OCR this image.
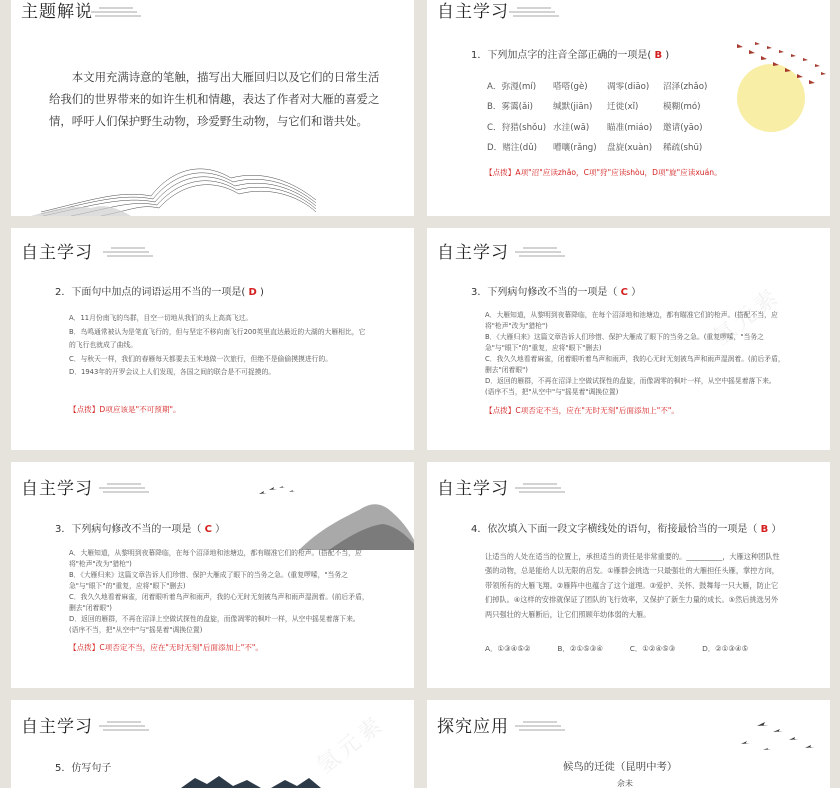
主题解说
本文用充满诗意的笔触，描写出大雁回归以及它们的日常生活给我们的世界带来的如许生机和情趣，表达了作者对大雁的喜爱之情，呼吁人们保护野生动物，珍爱野生动物，与它们和谐共处。
自主学习
1．下列加点字的注音全部正确的一项是( B )
A．弥漫(mí) 嗒嗒(gè) 凋零(diāo) 沼泽(zhǎo)
B．雾霭(ǎi) 缄默(jiān) 迁徙(xǐ)	模糊(mó)
C．狩猎(shǒu) 水洼(wā) 瞄准(miáo) 邀请(yāo)
D．赌注(dǔ) 嘈嚷(rǎng) 盘旋(xuàn) 稀疏(shū)
【点拨】A项"沼"应读zhǎo，C项"狩"应读shòu，D项"旋"应读xuán。
自主学习
2．下面句中加点的词语运用不当的一项是( D )
A．11月份南飞的鸟群，目空一切地从我们的头上高高飞过。
B．鸟鸣通常被认为是笔直飞行的，但与坚定不移向南飞行200英里直达最近的大湖的大雁相比，它的飞行也就成了曲线。
C．与秋天一样，我们的春雁每天都要去玉米地做一次旅行，但绝不是偷偷摸摸进行的。
D．1943年的开罗会议上人们发现，各国之间的联合是不可捉摸的。
【点拨】D项应该是"不可预期"。
自主学习
3．下列病句修改不当的一项是（ C ）
A．大雁知道，从黎明到夜幕降临，在每个沼泽地和池塘边，都有瞄准它们的枪声。(搭配不当，应将"枪声"改为"猎枪")
B．《大雁归来》这篇文章告诉人们珍惜、保护大雁成了眼下的当务之急。(重复啰嗦，"当务之急"与"眼下"的"重复，应将"眼下"删去)
C．我久久地看着麻雀，闭着眼听着鸟声和雨声，我的心无时无刻被鸟声和雨声湿润着。(前后矛盾，删去"闭着眼")
D．返回的雁群，不再在沼泽上空做试探性的盘旋，而像凋零的枫叶一样，从空中摇晃着落下来。(语序不当，把"从空中"与"摇晃着"调换位置)
【点拨】C项否定不当，应在"无时无刻"后面添加上"不"。
氢元素
自主学习
3．下列病句修改不当的一项是（ C ）
A．大雁知道，从黎明到夜幕降临，在每个沼泽地和池塘边，都有瞄准它们的枪声。(搭配不当，应将"枪声"改为"猎枪")
B．《大雁归来》这篇文章告诉人们珍惜、保护大雁成了眼下的当务之急。(重复啰嗦，"当务之急"与"眼下"的"重复，应将"眼下"删去)
C．我久久地看着麻雀，闭着眼听着鸟声和雨声，我的心无时无刻被鸟声和雨声湿润着。(前后矛盾，删去"闭着眼")
D．返回的雁群，不再在沼泽上空做试探性的盘旋，而像凋零的枫叶一样，从空中摇晃着落下来。(语序不当，把"从空中"与"摇晃着"调换位置)
【点拨】C项否定不当，应在"无时无刻"后面添加上"不"。
自主学习
4．依次填入下面一段文字横线处的语句，衔接最恰当的一项是（ B ）
让适当的人处在适当的位置上，承担适当的责任是非常重要的。__________，大雁这种团队性强的动物，总是能给人以无限的启发。①雁群会挑选一只最强壮的大雁担任头雁，掌控方向，带领所有的大雁飞翔。②雁阵中也蕴含了这个道理。③爱护、关怀、鼓舞每一只大雁，防止它们掉队。④这样的安排就保证了团队的飞行效率，又保护了新生力量的成长。⑤然后挑选另外两只强壮的大雁断后，让它们照顾年幼体弱的大雁。
A．①③④⑤②	B．②①⑤③④	C．①②④⑤③	D．②①③④⑤
自主学习
5．仿写句子	氢元素	探究应用
候鸟的迁徙（昆明中考）
佘未
